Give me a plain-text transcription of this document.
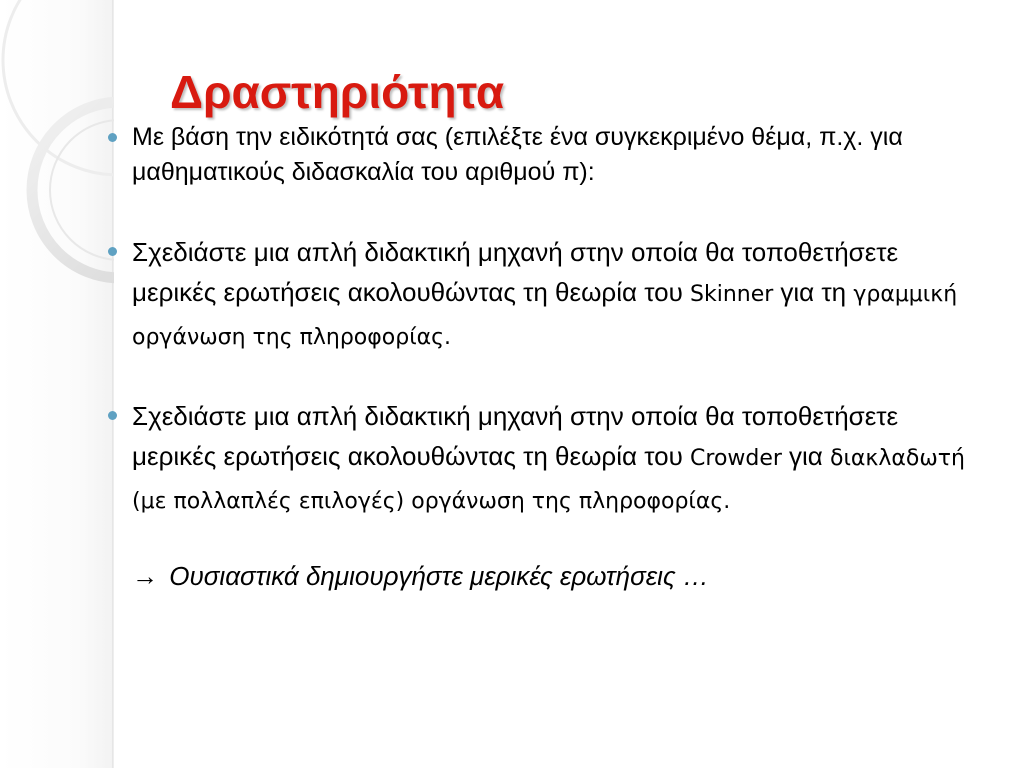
Δραστηριότητα
Με βάση την ειδικότητά σας (επιλέξτε ένα συγκεκριμένο θέμα, π.χ. για μαθηματικούς διδασκαλία του αριθμού π):
Σχεδιάστε μια απλή διδακτική μηχανή στην οποία θα τοποθετήσετε μερικές ερωτήσεις ακολουθώντας τη θεωρία του Skinner για τη γραμμική οργάνωση της πληροφορίας.
Σχεδιάστε μια απλή διδακτική μηχανή στην οποία θα τοποθετήσετε μερικές ερωτήσεις ακολουθώντας τη θεωρία του Crowder για διακλαδωτή (με πολλαπλές επιλογές) οργάνωση της πληροφορίας.
→ Ουσιαστικά δημιουργήστε μερικές ερωτήσεις …
